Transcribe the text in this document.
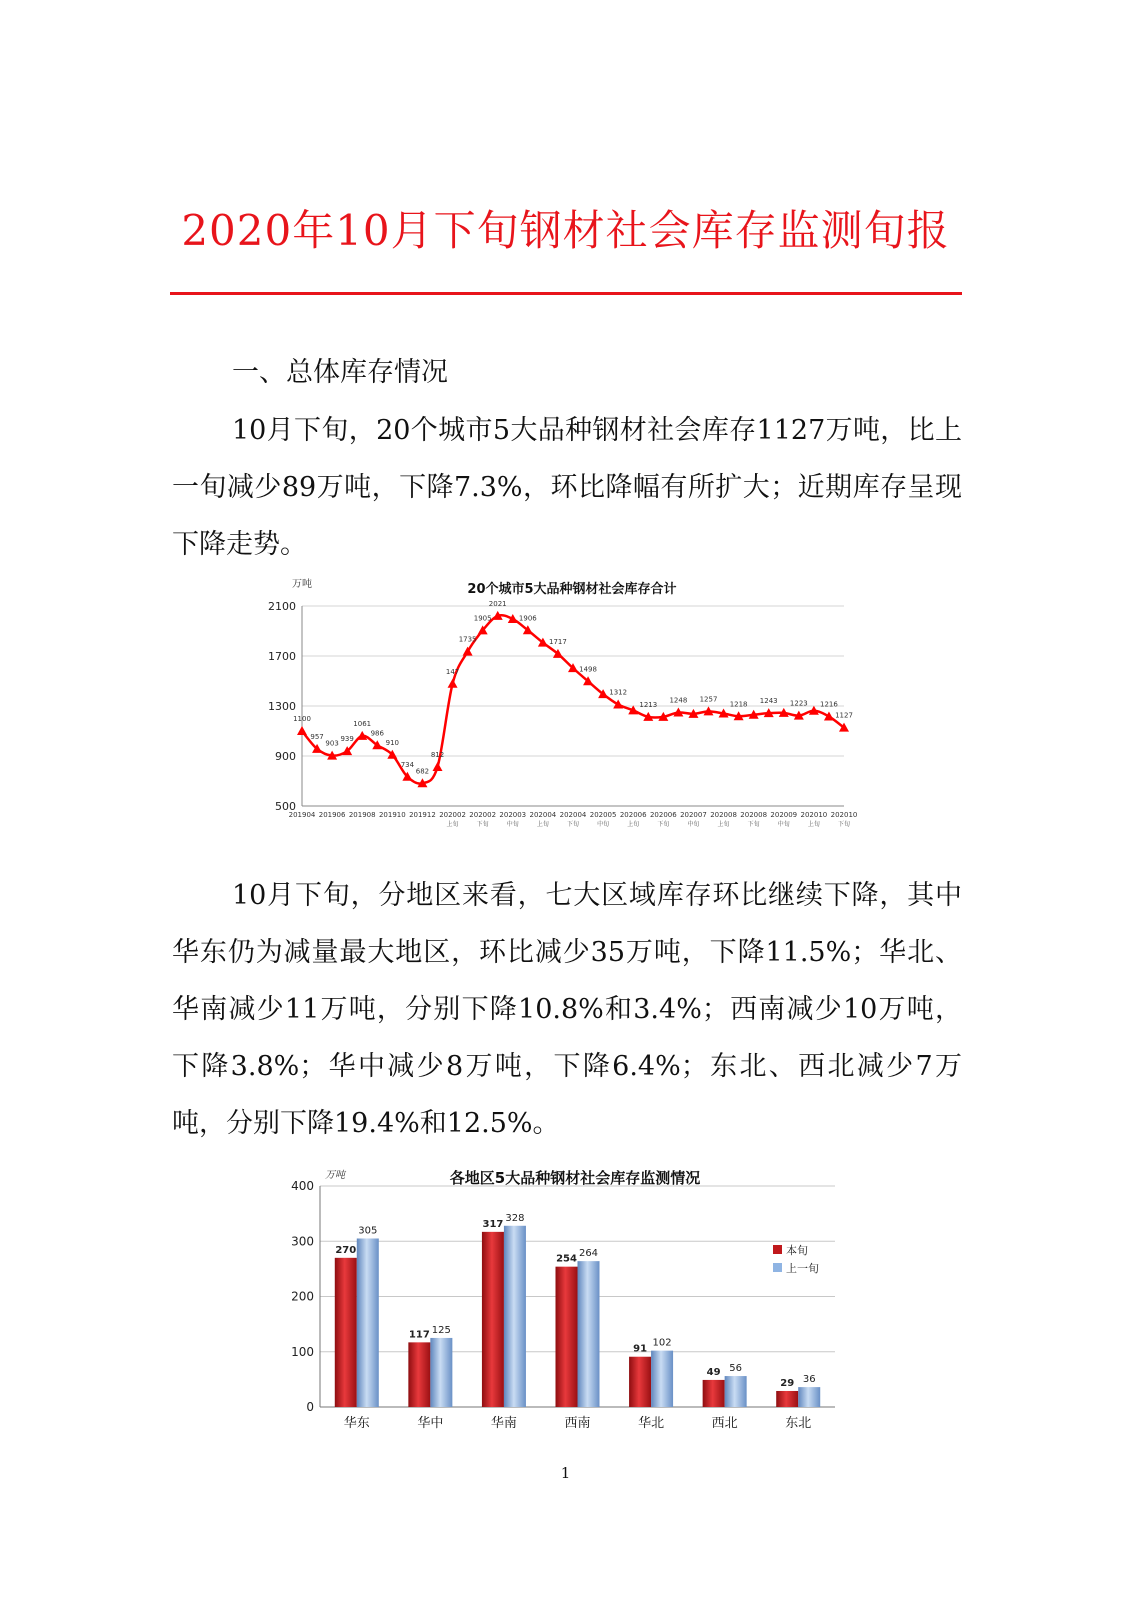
2020年10月下旬钢材社会库存监测旬报
一、总体库存情况
10月下旬，20个城市5大品种钢材社会库存1127万吨，比上一旬减少89万吨，下降7.3%，环比降幅有所扩大；近期库存呈现下降走势。
500
900
1300
1700
2100
万吨	20个城市5大品种钢材社会库存合计
201904 201906 201908 201910 201912 202002
上旬
202002
下旬
202003
中旬
202004
上旬
202004
下旬
202005
中旬
202006
上旬
202006
下旬
202007
中旬
202008
上旬
202008
下旬
202009
中旬
202010
上旬
202010
下旬
1100
957
903
939
1061
986
910
734
682
812
147
1735
1905
2021
1906
1717
1498
1312
1213
1248 1257
1218 1243 1223 1216
1127
10月下旬，分地区来看，七大区域库存环比继续下降，其中华东仍为减量最大地区，环比减少35万吨，下降11.5%；华北、华南减少11万吨，分别下降10.8%和3.4%；西南减少10万吨，下降3.8%；华中减少8万吨，下降6.4%；东北、西北减少7万吨，分别下降19.4%和12.5%。
0
100
200
300
400
万吨	各地区5大品种钢材社会库存监测情况
华东
270
305
华中
117 125
华南
317
328
西南
254
264
华北
91
102
西北
49 56
东北
29 36
本旬
上一旬
1
